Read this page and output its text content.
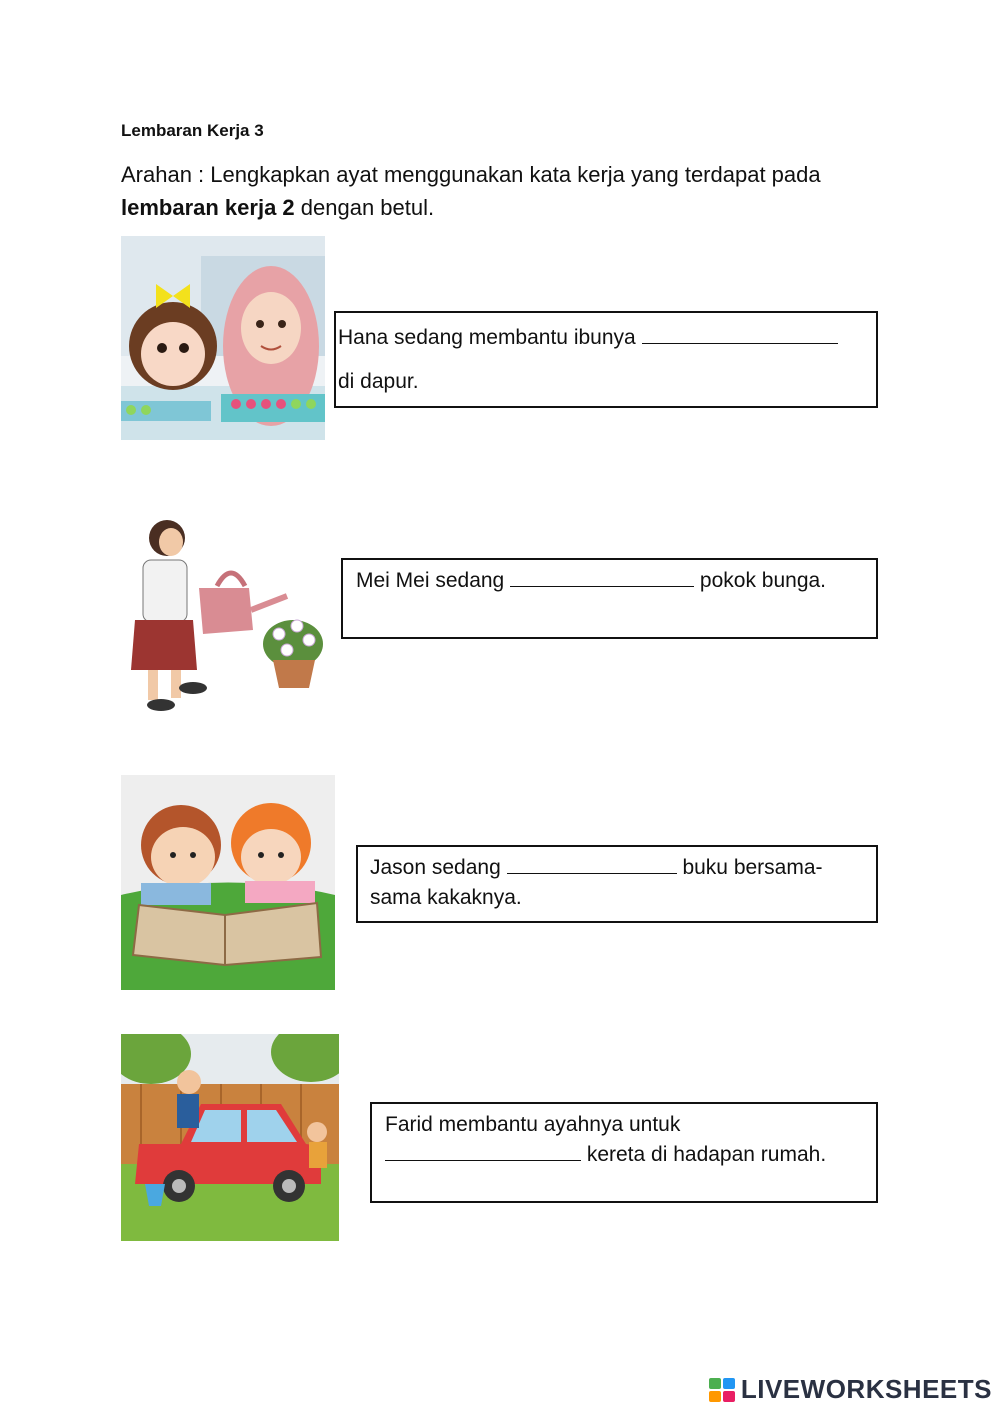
Lembaran Kerja 3
Arahan : Lengkapkan ayat menggunakan kata kerja yang terdapat pada lembaran kerja 2 dengan betul.
Hana sedang membantu ibunya
di dapur.
Mei Mei sedang	pokok bunga.
Jason sedang	buku bersama-
sama kakaknya.
Farid membantu ayahnya untuk
kereta di hadapan rumah.
LIVEWORKSHEETS
